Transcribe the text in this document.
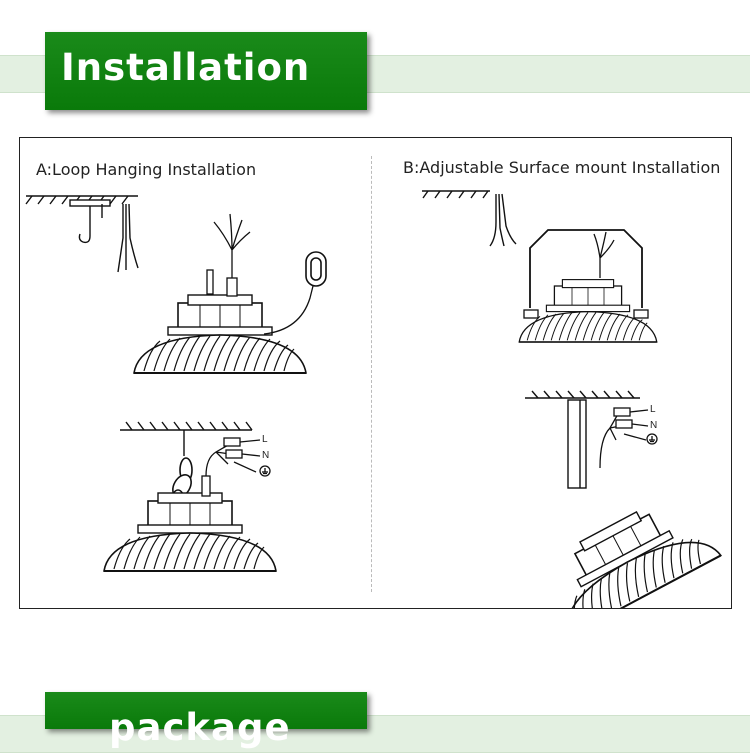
Installation
A:Loop Hanging Installation	B:Adjustable Surface mount Installation
L
N
L
N
package
